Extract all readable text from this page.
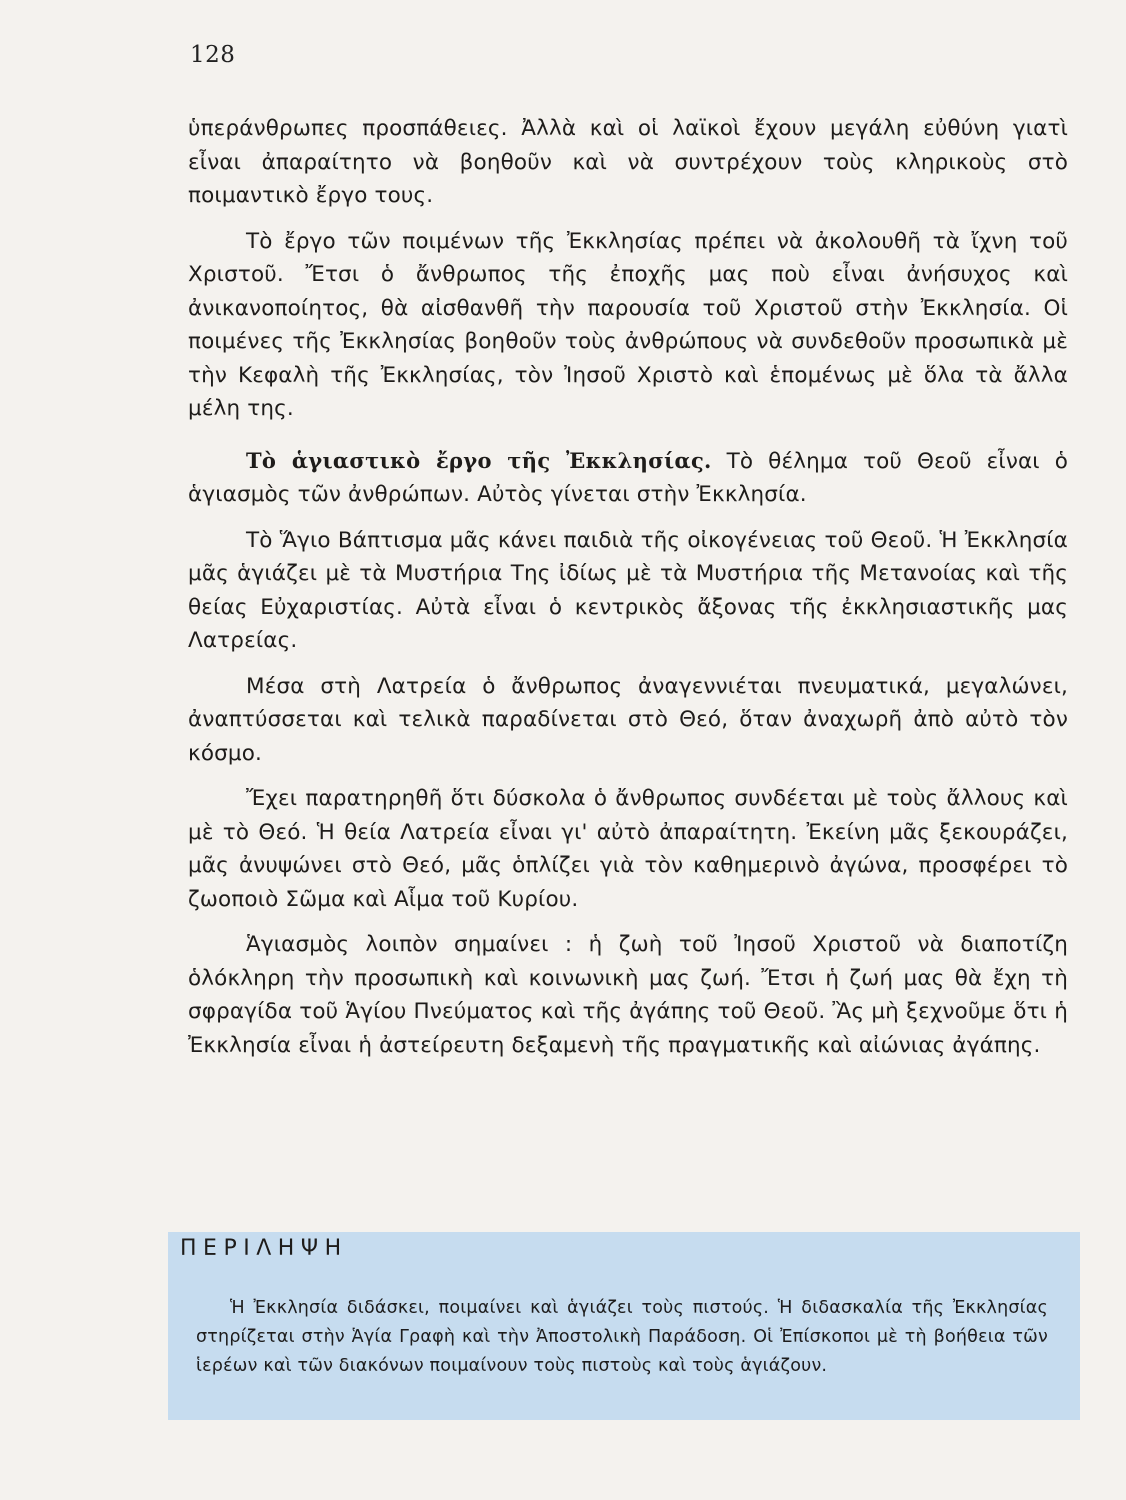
128

ὑπεράνθρωπες προσπάθειες. Ἀλλὰ καὶ οἱ λαϊκοὶ ἔχουν μεγάλη εὐθύνη γιατὶ εἶναι ἀπαραίτητο νὰ βοηθοῦν καὶ νὰ συντρέχουν τοὺς κληρικοὺς στὸ ποιμαντικὸ ἔργο τους.

Τὸ ἔργο τῶν ποιμένων τῆς Ἐκκλησίας πρέπει νὰ ἀκολουθῆ τὰ ἴχνη τοῦ Χριστοῦ. Ἔτσι ὁ ἄνθρωπος τῆς ἐποχῆς μας ποὺ εἶναι ἀνήσυχος καὶ ἀνικανοποίητος, θὰ αἰσθανθῆ τὴν παρουσία τοῦ Χριστοῦ στὴν Ἐκκλησία. Οἱ ποιμένες τῆς Ἐκκλησίας βοηθοῦν τοὺς ἀνθρώπους νὰ συνδεθοῦν προσωπικὰ μὲ τὴν Κεφαλὴ τῆς Ἐκκλησίας, τὸν Ἰησοῦ Χριστὸ καὶ ἑπομένως μὲ ὅλα τὰ ἄλλα μέλη της.

Τὸ ἁγιαστικὸ ἔργο τῆς Ἐκκλησίας. Τὸ θέλημα τοῦ Θεοῦ εἶναι ὁ ἁγιασμὸς τῶν ἀνθρώπων. Αὐτὸς γίνεται στὴν Ἐκκλησία.

Τὸ Ἅγιο Βάπτισμα μᾶς κάνει παιδιὰ τῆς οἰκογένειας τοῦ Θεοῦ. Ἡ Ἐκκλησία μᾶς ἁγιάζει μὲ τὰ Μυστήρια Της ἰδίως μὲ τὰ Μυστήρια τῆς Μετανοίας καὶ τῆς θείας Εὐχαριστίας. Αὐτὰ εἶναι ὁ κεντρικὸς ἄξονας τῆς ἐκκλησιαστικῆς μας Λατρείας.

Μέσα στὴ Λατρεία ὁ ἄνθρωπος ἀναγεννιέται πνευματικά, μεγαλώνει, ἀναπτύσσεται καὶ τελικὰ παραδίνεται στὸ Θεό, ὅταν ἀναχωρῆ ἀπὸ αὐτὸ τὸν κόσμο.

Ἔχει παρατηρηθῆ ὅτι δύσκολα ὁ ἄνθρωπος συνδέεται μὲ τοὺς ἄλλους καὶ μὲ τὸ Θεό. Ἡ θεία Λατρεία εἶναι γι' αὐτὸ ἀπαραίτητη. Ἐκείνη μᾶς ξεκουράζει, μᾶς ἀνυψώνει στὸ Θεό, μᾶς ὁπλίζει γιὰ τὸν καθημερινὸ ἀγώνα, προσφέρει τὸ ζωοποιὸ Σῶμα καὶ Αἷμα τοῦ Κυρίου.

Ἁγιασμὸς λοιπὸν σημαίνει : ἡ ζωὴ τοῦ Ἰησοῦ Χριστοῦ νὰ διαποτίζη ὁλόκληρη τὴν προσωπικὴ καὶ κοινωνικὴ μας ζωή. Ἔτσι ἡ ζωή μας θὰ ἔχη τὴ σφραγίδα τοῦ Ἁγίου Πνεύματος καὶ τῆς ἀγάπης τοῦ Θεοῦ. Ἂς μὴ ξεχνοῦμε ὅτι ἡ Ἐκκλησία εἶναι ἡ ἀστείρευτη δεξαμενὴ τῆς πραγματικῆς καὶ αἰώνιας ἀγάπης.

ΠΕΡΙΛΗΨΗ

Ἡ Ἐκκλησία διδάσκει, ποιμαίνει καὶ ἁγιάζει τοὺς πιστούς. Ἡ διδασκαλία τῆς Ἐκκλησίας στηρίζεται στὴν Ἁγία Γραφὴ καὶ τὴν Ἀποστολικὴ Παράδοση. Οἱ Ἐπίσκοποι μὲ τὴ βοήθεια τῶν ἱερέων καὶ τῶν διακόνων ποιμαίνουν τοὺς πιστοὺς καὶ τοὺς ἁγιάζουν.
